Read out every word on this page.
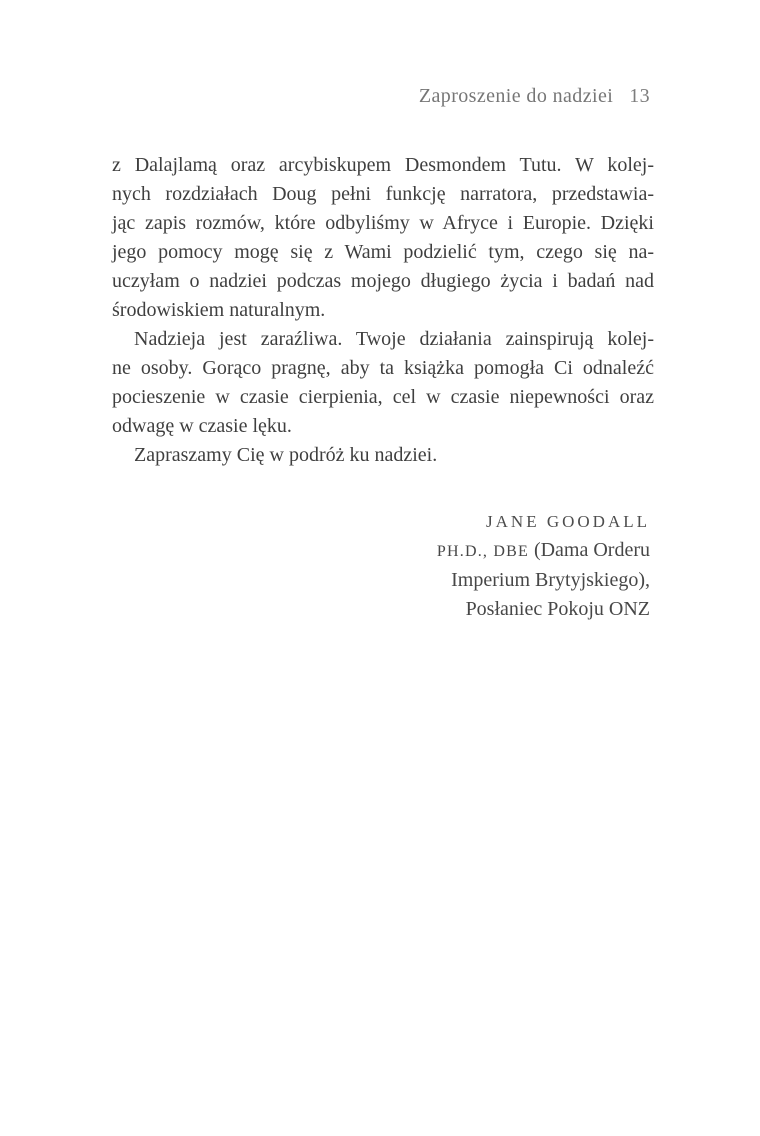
Zaproszenie do nadziei 13
z Dalajlamą oraz arcybiskupem Desmondem Tutu. W kolej-
nych rozdziałach Doug pełni funkcję narratora, przedstawia-
jąc zapis rozmów, które odbyliśmy w Afryce i Europie. Dzięki
jego pomocy mogę się z Wami podzielić tym, czego się na-
uczyłam o nadziei podczas mojego długiego życia i badań nad
środowiskiem naturalnym.
Nadzieja jest zaraźliwa. Twoje działania zainspirują kolej-
ne osoby. Gorąco pragnę, aby ta książka pomogła Ci odnaleźć
pocieszenie w czasie cierpienia, cel w czasie niepewności oraz
odwagę w czasie lęku.
Zapraszamy Cię w podróż ku nadziei.
JANE GOODALL
PH.D., DBE (Dama Orderu
Imperium Brytyjskiego),
Posłaniec Pokoju ONZ
